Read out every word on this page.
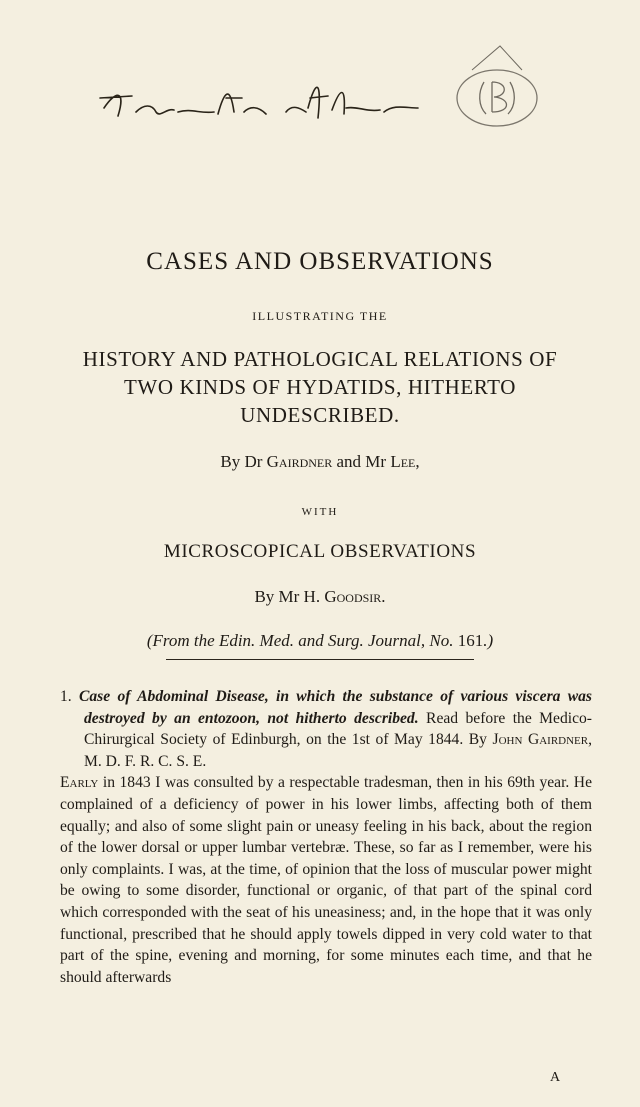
CASES AND OBSERVATIONS
ILLUSTRATING THE
HISTORY AND PATHOLOGICAL RELATIONS OF
TWO KINDS OF HYDATIDS, HITHERTO
UNDESCRIBED.
By Dr Gairdner and Mr Lee,
WITH
MICROSCOPICAL OBSERVATIONS
By Mr H. Goodsir.
(From the Edin. Med. and Surg. Journal, No. 161.)

1. Case of Abdominal Disease, in which the substance of various viscera was destroyed by an entozoon, not hitherto described. Read before the Medico-Chirurgical Society of Edinburgh, on the 1st of May 1844. By John Gairdner, M. D. F. R. C. S. E.

Early in 1843 I was consulted by a respectable tradesman, then in his 69th year. He complained of a deficiency of power in his lower limbs, affecting both of them equally; and also of some slight pain or uneasy feeling in his back, about the region of the lower dorsal or upper lumbar vertebræ. These, so far as I remember, were his only complaints. I was, at the time, of opinion that the loss of muscular power might be owing to some disorder, functional or organic, of that part of the spinal cord which corresponded with the seat of his uneasiness; and, in the hope that it was only functional, prescribed that he should apply towels dipped in very cold water to that part of the spine, evening and morning, for some minutes each time, and that he should afterwards

A
